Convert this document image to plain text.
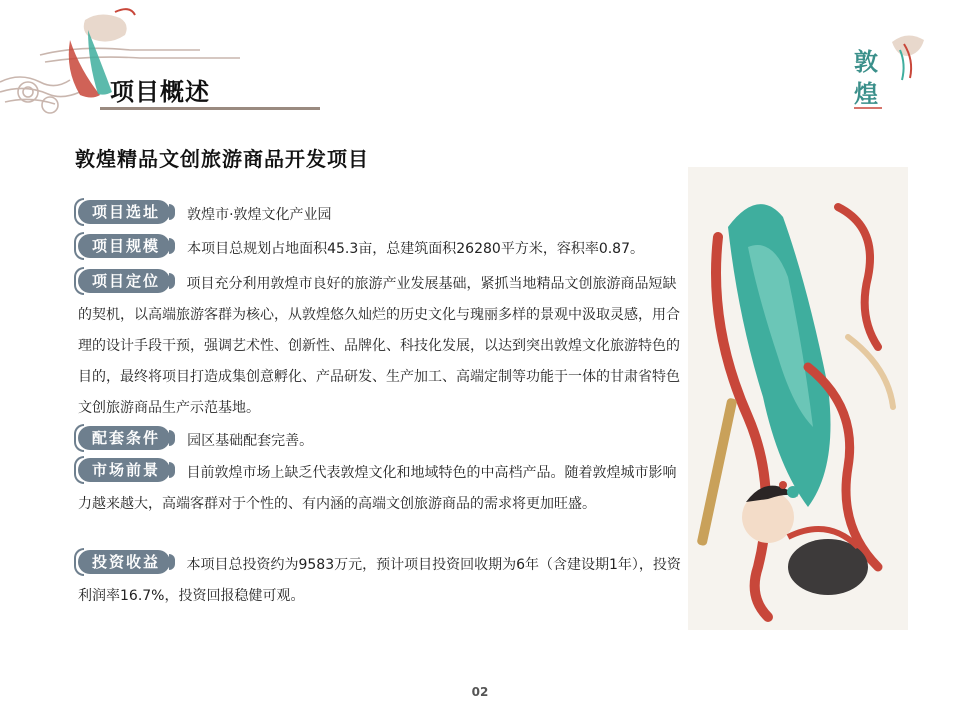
项目概述
敦
煌
敦煌精品文创旅游商品开发项目
项目选址 敦煌市·敦煌文化产业园
项目规模 本项目总规划占地面积45.3亩，总建筑面积26280平方米，容积率0.87。
项目定位 项目充分利用敦煌市良好的旅游产业发展基础，紧抓当地精品文创旅游商品短缺的契机，以高端旅游客群为核心，从敦煌悠久灿烂的历史文化与瑰丽多样的景观中汲取灵感，用合理的设计手段干预，强调艺术性、创新性、品牌化、科技化发展，以达到突出敦煌文化旅游特色的目的，最终将项目打造成集创意孵化、产品研发、生产加工、高端定制等功能于一体的甘肃省特色文创旅游商品生产示范基地。
配套条件 园区基础配套完善。
市场前景 目前敦煌市场上缺乏代表敦煌文化和地域特色的中高档产品。随着敦煌城市影响力越来越大，高端客群对于个性的、有内涵的高端文创旅游商品的需求将更加旺盛。
投资收益 本项目总投资约为9583万元，预计项目投资回收期为6年（含建设期1年），投资利润率16.7%，投资回报稳健可观。
02
